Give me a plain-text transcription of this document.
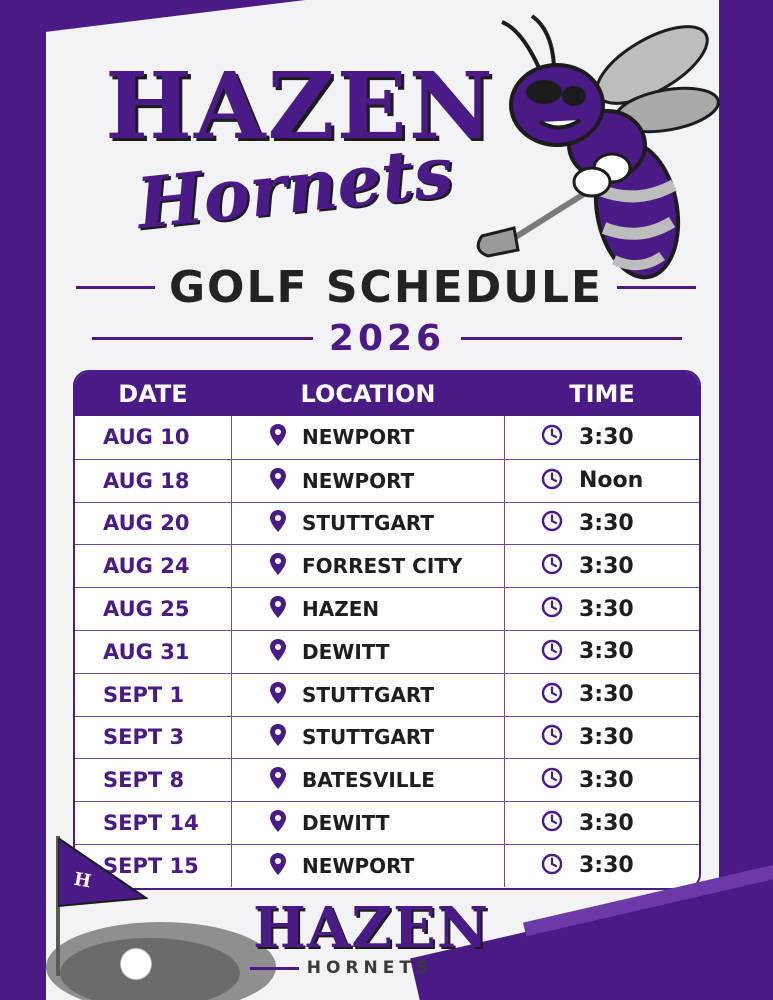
HAZEN
Hornets
GOLF SCHEDULE
2026
DATE	LOCATION	TIME
AUG 10	NEWPORT	3:30
AUG 18	NEWPORT	Noon
AUG 20	STUTTGART	3:30
AUG 24	FORREST CITY	3:30
AUG 25	HAZEN	3:30
AUG 31	DEWITT	3:30
SEPT 1	STUTTGART	3:30
SEPT 3	STUTTGART	3:30
SEPT 8	BATESVILLE	3:30
SEPT 14	DEWITT	3:30
SEPT 15	NEWPORT	3:30
H
HAZEN
HORNETS
